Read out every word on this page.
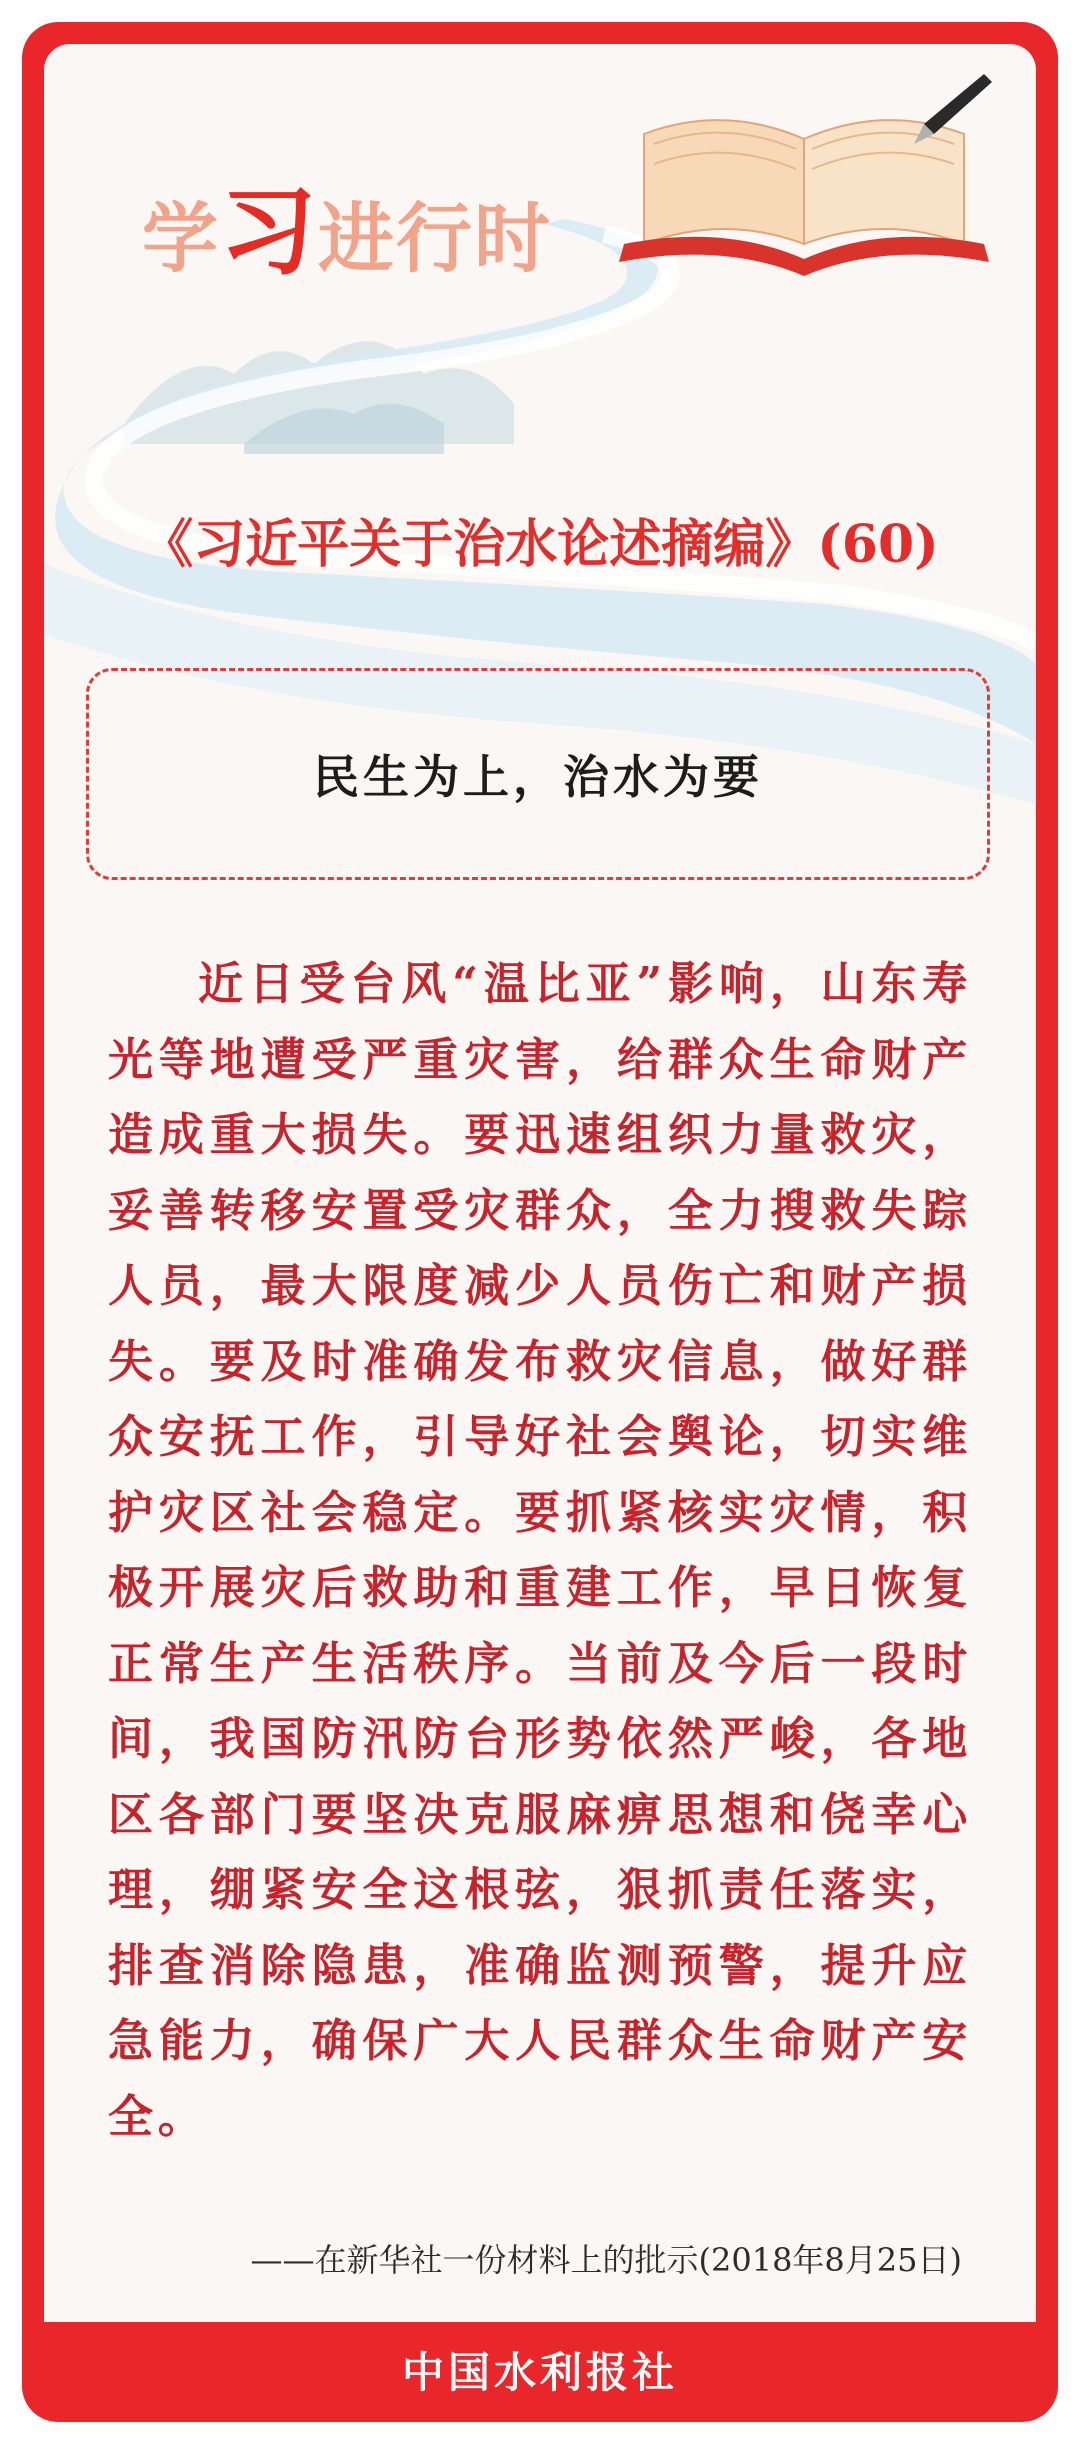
学习进行时
《习近平关于治水论述摘编》(60)
民生为上，治水为要
近日受台风“温比亚”影响，山东寿光等地遭受严重灾害，给群众生命财产造成重大损失。要迅速组织力量救灾，妥善转移安置受灾群众，全力搜救失踪人员，最大限度减少人员伤亡和财产损失。要及时准确发布救灾信息，做好群众安抚工作，引导好社会舆论，切实维护灾区社会稳定。要抓紧核实灾情，积极开展灾后救助和重建工作，早日恢复正常生产生活秩序。当前及今后一段时间，我国防汛防台形势依然严峻，各地区各部门要坚决克服麻痹思想和侥幸心理，绷紧安全这根弦，狠抓责任落实，排查消除隐患，准确监测预警，提升应急能力，确保广大人民群众生命财产安全。
——在新华社一份材料上的批示(2018年8月25日)
中国水利报社
